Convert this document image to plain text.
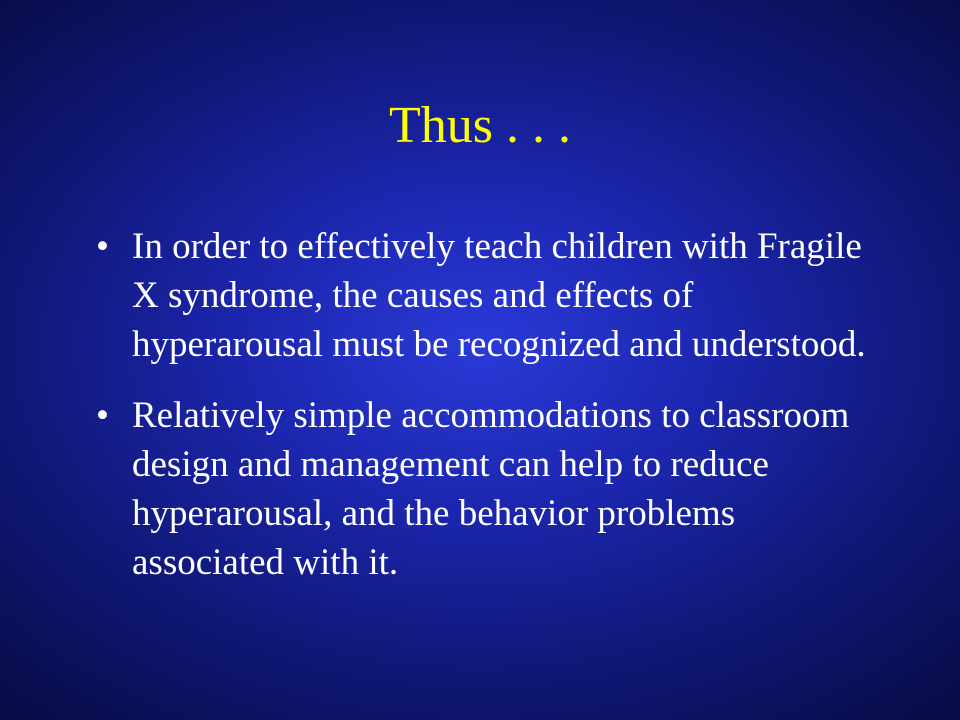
Thus . . .
• In order to effectively teach children with Fragile X syndrome, the causes and effects of hyperarousal must be recognized and understood.
• Relatively simple accommodations to classroom design and management can help to reduce hyperarousal, and the behavior problems associated with it.
